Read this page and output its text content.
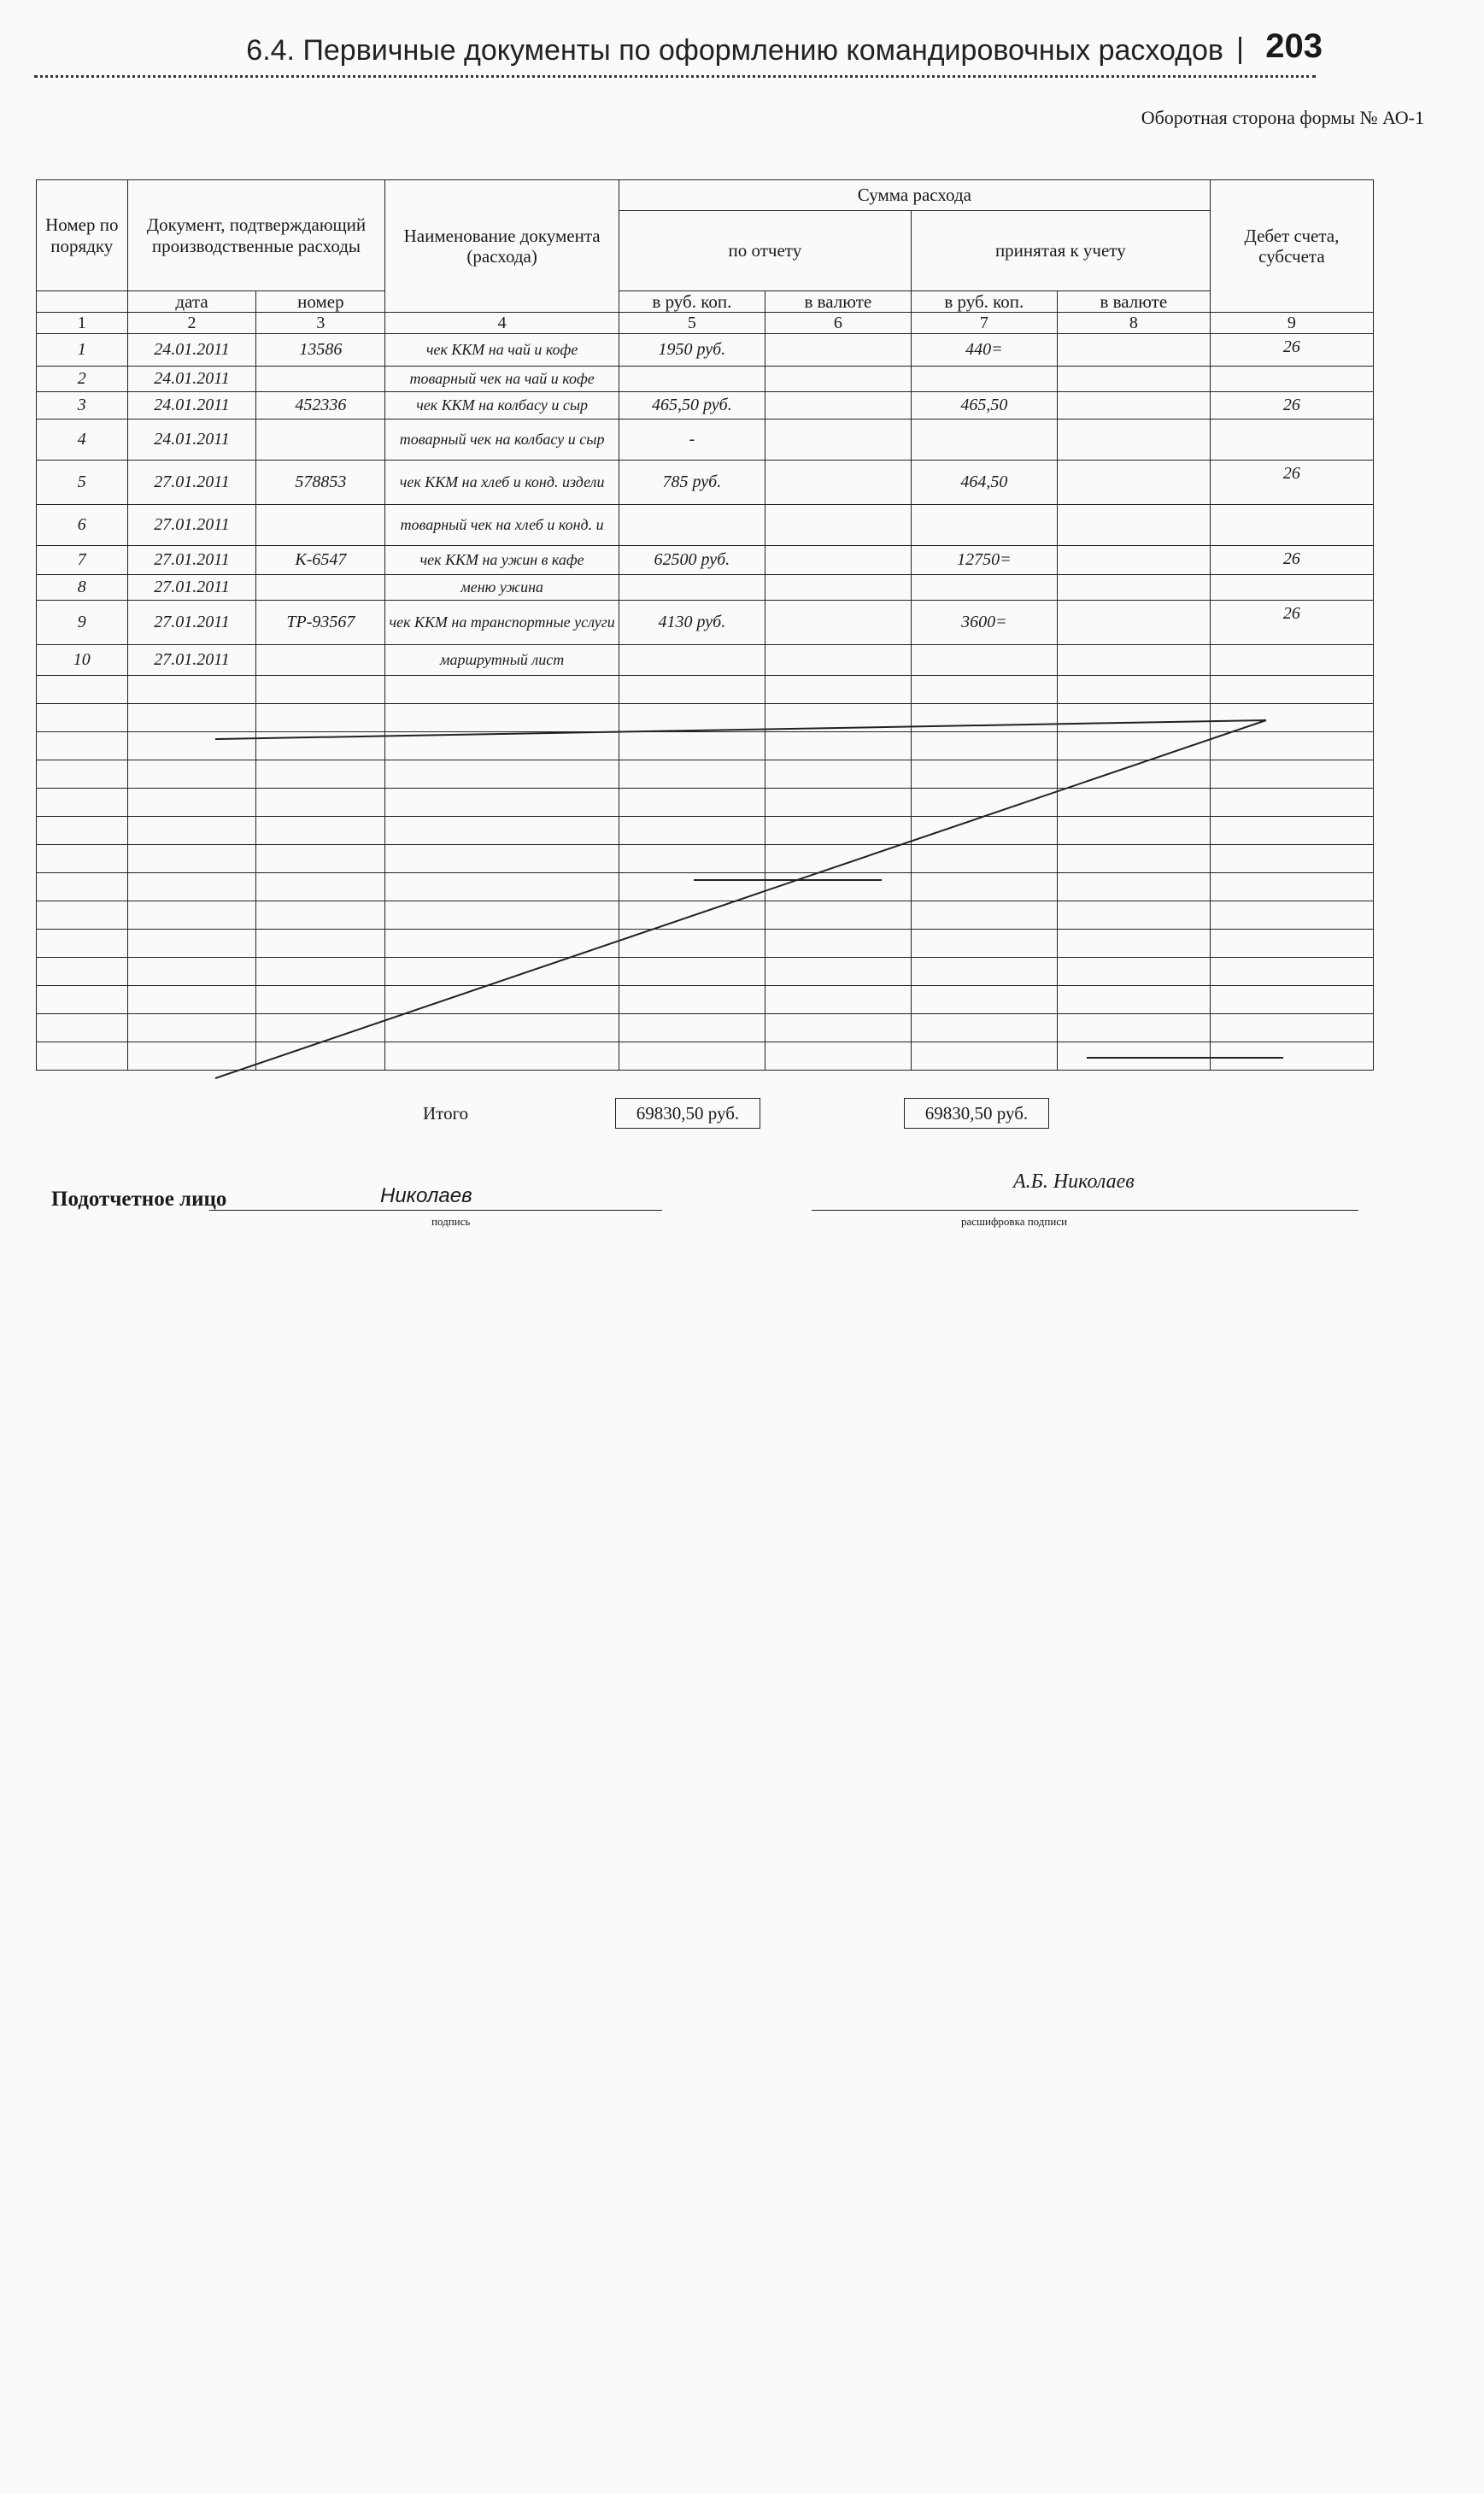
6.4. Первичные документы по оформлению командировочных расходов | 203
Оборотная сторона формы № АО-1
Номер по порядку	Документ, подтверждающий производственные расходы		Наименование документа (расхода)	Сумма расхода				Дебет счета, субсчета
				по отчету		принятая к учету		

	дата	номер		в руб. коп.	в валюте	в руб. коп.	в валюте	
1	2	3	4	5	6	7	8	9
1	24.01.2011	13586	чек ККМ на чай и кофе	1950 руб.		440=		26
2	24.01.2011		товарный чек на чай и кофе					
3	24.01.2011	452336	чек ККМ на колбасу и сыр	465,50 руб.		465,50		26
4	24.01.2011		товарный чек на колбасу и сыр	-				
5	27.01.2011	578853	чек ККМ на хлеб и конд. издели	785 руб.		464,50		26
6	27.01.2011		товарный чек на хлеб и конд. и					
7	27.01.2011	К-6547	чек ККМ на ужин в кафе	62500 руб.		12750=		26
8	27.01.2011		меню ужина					
9	27.01.2011	ТР-93567	чек ККМ на транспортные услуги	4130 руб.		3600=		26
10	27.01.2011		маршрутный лист					

Итого	69830,50 руб.	69830,50 руб.
Подотчетное лицо	Николаев
подпись
А.Б. Николаев
расшифровка подписи
